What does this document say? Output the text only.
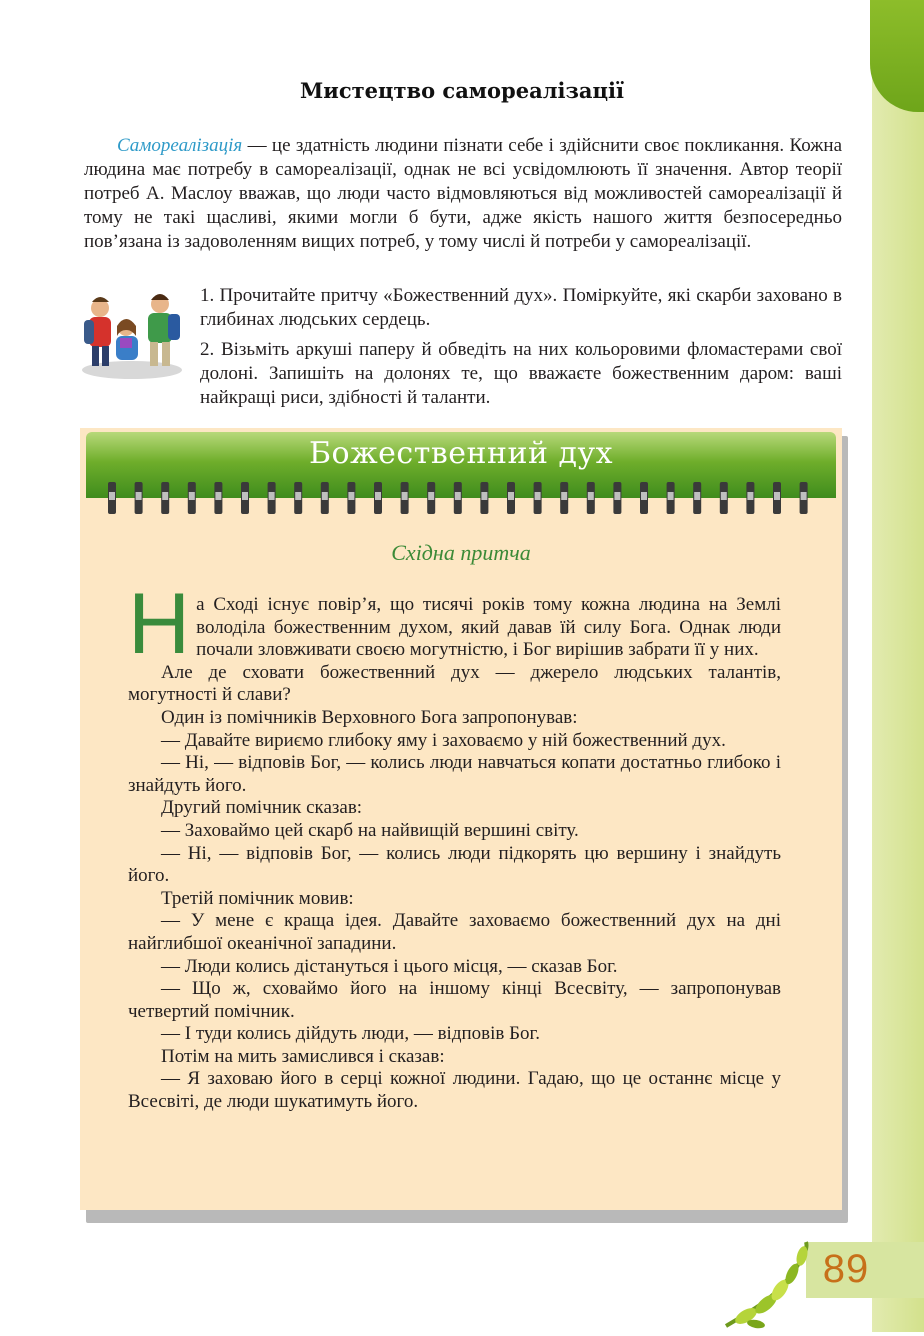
Мистецтво самореалізації
Самореалізація — це здатність людини пізнати себе і здійснити своє покликання. Кожна людина має потребу в самореалізації, однак не всі усвідомлюють її значення. Автор теорії потреб А. Маслоу вважав, що люди часто відмовляються від можливостей самореалізації й тому не такі щасливі, якими могли б бути, адже якість нашого життя безпосередньо пов’язана із задоволенням вищих потреб, у тому числі й потреби у самореалізації.

1. Прочитайте притчу «Божественний дух». Поміркуйте, які скарби заховано в глибинах людських сердець.

2. Візьміть аркуші паперу й обведіть на них кольоровими фломастерами свої долоні. Запишіть на долонях те, що вважаєте божественним даром: ваші найкращі риси, здібності й таланти.

Божественний дух
Східна притча

На Сході існує повір’я, що тисячі років тому кожна людина на Землі володіла божественним духом, який давав їй силу Бога. Однак люди почали зловживати своєю могутністю, і Бог вирішив забрати її у них.

Але де сховати божественний дух — джерело людських талантів, могутності й слави?

Один із помічників Верховного Бога запропонував:

— Давайте вириємо глибоку яму і заховаємо у ній божественний дух.

— Ні, — відповів Бог, — колись люди навчаться копати достатньо глибоко і знайдуть його.

Другий помічник сказав:

— Заховаймо цей скарб на найвищій вершині світу.

— Ні, — відповів Бог, — колись люди підкорять цю вершину і знайдуть його.

Третій помічник мовив:

— У мене є краща ідея. Давайте заховаємо божественний дух на дні найглибшої океанічної западини.

— Люди колись дістануться і цього місця, — сказав Бог.

— Що ж, сховаймо його на іншому кінці Всесвіту, — запропонував четвертий помічник.

— І туди колись дійдуть люди, — відповів Бог.

Потім на мить замислився і сказав:

— Я заховаю його в серці кожної людини. Гадаю, що це останнє місце у Всесвіті, де люди шукатимуть його.

89
